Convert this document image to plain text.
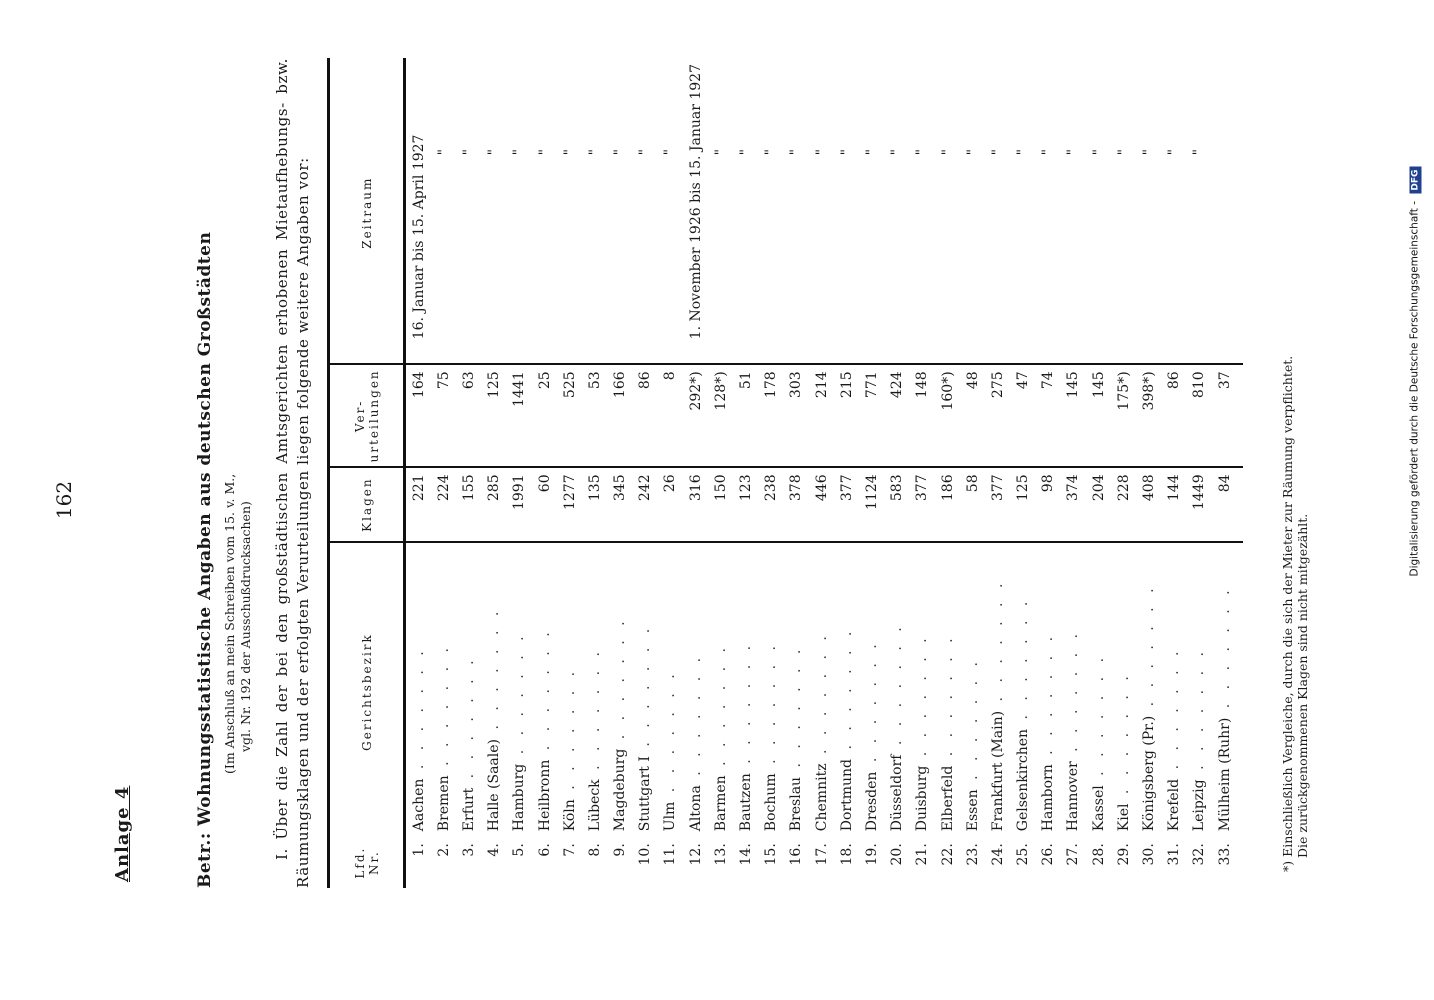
162
Anlage 4	Betr.: Wohnungsstatistische Angaben aus deutschen Großstädten (Im Anschluß an mein Schreiben vom 15. v. M., vgl. Nr. 192 der Ausschußdrucksachen) I. Über die Zahl der bei den großstädtischen Amtsgerichten erhobenen Mietaufhebungs- bzw. Räumungsklagen und der erfolgten Verurteilungen liegen folgende weitere Angaben vor:	Lfd. Nr.	Gerichtsbezirk	Klagen	Ver-urteilungen	Zeitraum
1.	Aachen . . . . . . .	221	164	16. Januar bis 15. April 1927
2.	Bremen . . . . . . .	224	75	"
3.	Erfurt . . . . . . .	155	63	"
4.	Halle (Saale) . . . . . . .	285	125	"
5.	Hamburg . . . . . . .	1991	1441	"
6.	Heilbronn . . . . . . .	60	25	"
7.	Köln . . . . . . .	1277	525	"
8.	Lübeck . . . . . . .	135	53	"
9.	Magdeburg . . . . . . .	345	166	"
10.	Stuttgart I . . . . . . .	242	86	"
11.	Ulm . . . . . . .	26	8	"
12.	Altona . . . . . . .	316	292*)	1. November 1926 bis 15. Januar 1927
13.	Barmen . . . . . . .	150	128*)	"
14.	Bautzen . . . . . . .	123	51	"
15.	Bochum . . . . . . .	238	178	"
16.	Breslau . . . . . . .	378	303	"
17.	Chemnitz . . . . . . .	446	214	"
18.	Dortmund . . . . . . .	377	215	"
19.	Dresden . . . . . . .	1124	771	"
20.	Düsseldorf . . . . . . .	583	424	"
21.	Duisburg . . . . . . .	377	148	"
22.	Elberfeld . . . . . . .	186	160*)	"
23.	Essen . . . . . . .	58	48	"
24.	Frankfurt (Main) . . . . . . .	377	275	"
25.	Gelsenkirchen . . . . . . .	125	47	"
26.	Hamborn . . . . . . .	98	74	"
27.	Hannover . . . . . . .	374	145	"
28.	Kassel . . . . . . .	204	145	"
29.	Kiel . . . . . . .	228	175*)	"
30.	Königsberg (Pr.) . . . . . . .	408	398*)	"
31.	Krefeld . . . . . . .	144	86	"
32.	Leipzig . . . . . . .	1449	810	"
33.	Mülheim (Ruhr) . . . . . . .	84	37		*) Einschließlich Vergleiche, durch die sich der Mieter zur Räumung verpflichtet. Die zurückgenommenen Klagen sind nicht mitgezählt.
Digitalisierung gefördert durch die Deutsche Forschungsgemeinschaft - DFG
